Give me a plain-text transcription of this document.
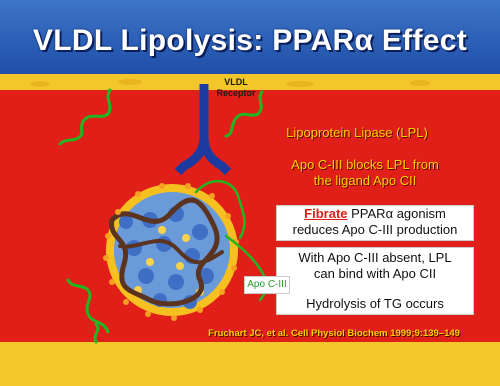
VLDL Lipolysis: PPARα Effect
VLDL
Receptor
Lipoprotein Lipase (LPL)
Apo C-III blocks LPL from
the ligand Apo CII
Fibrate PPARα agonism
reduces Apo C-III production
With Apo C-III absent, LPL
can bind with Apo CII
Hydrolysis of TG occurs
Apo C-III
Fruchart JC, et al. Cell Physiol Biochem 1999;9:139–149
